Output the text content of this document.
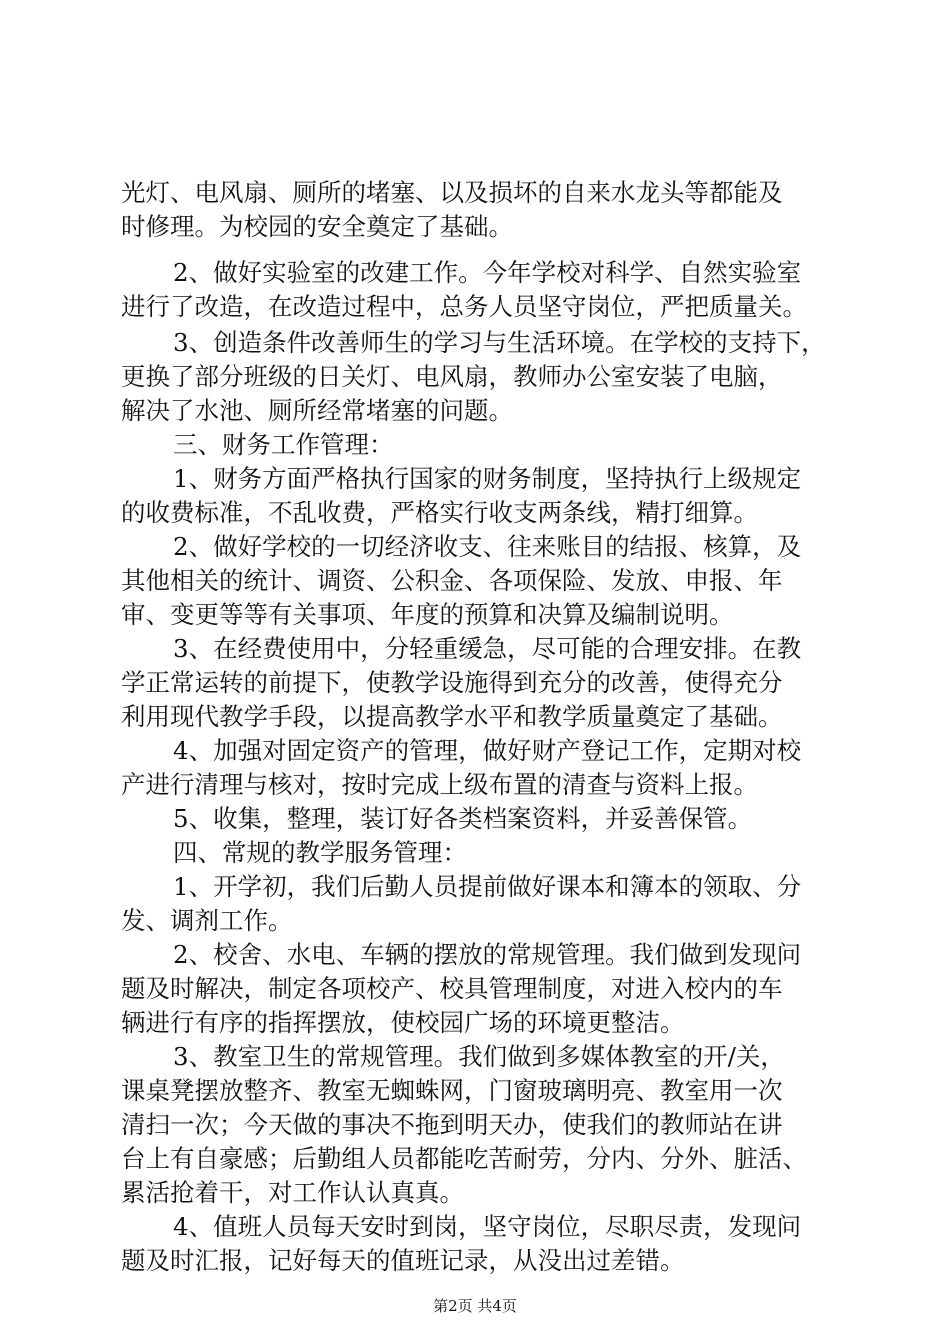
光灯、电风扇、厕所的堵塞、以及损坏的自来水龙头等都能及
时修理。为校园的安全奠定了基础。
2、做好实验室的改建工作。今年学校对科学、自然实验室
进行了改造，在改造过程中，总务人员坚守岗位，严把质量关。
3、创造条件改善师生的学习与生活环境。在学校的支持下，
更换了部分班级的日关灯、电风扇，教师办公室安装了电脑，
解决了水池、厕所经常堵塞的问题。
三、财务工作管理：
1、财务方面严格执行国家的财务制度，坚持执行上级规定
的收费标准，不乱收费，严格实行收支两条线，精打细算。
2、做好学校的一切经济收支、往来账目的结报、核算，及
其他相关的统计、调资、公积金、各项保险、发放、申报、年
审、变更等等有关事项、年度的预算和决算及编制说明。
3、在经费使用中，分轻重缓急，尽可能的合理安排。在教
学正常运转的前提下，使教学设施得到充分的改善，使得充分
利用现代教学手段，以提高教学水平和教学质量奠定了基础。
4、加强对固定资产的管理，做好财产登记工作，定期对校
产进行清理与核对，按时完成上级布置的清查与资料上报。
5、收集，整理，装订好各类档案资料，并妥善保管。
四、常规的教学服务管理：
1、开学初，我们后勤人员提前做好课本和簿本的领取、分
发、调剂工作。
2、校舍、水电、车辆的摆放的常规管理。我们做到发现问
题及时解决，制定各项校产、校具管理制度，对进入校内的车
辆进行有序的指挥摆放，使校园广场的环境更整洁。
3、教室卫生的常规管理。我们做到多媒体教室的开/关，
课桌凳摆放整齐、教室无蜘蛛网，门窗玻璃明亮、教室用一次
清扫一次；今天做的事决不拖到明天办，使我们的教师站在讲
台上有自豪感；后勤组人员都能吃苦耐劳，分内、分外、脏活、
累活抢着干，对工作认认真真。
4、值班人员每天安时到岗，坚守岗位，尽职尽责，发现问
题及时汇报，记好每天的值班记录，从没出过差错。
第2页 共4页
